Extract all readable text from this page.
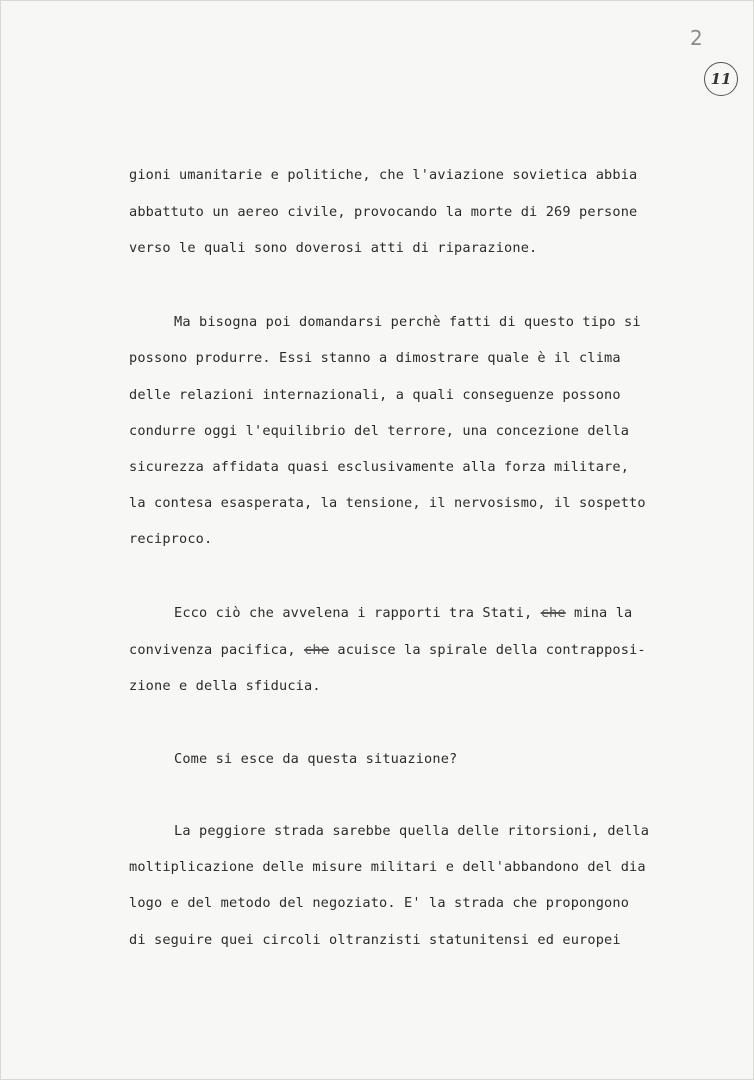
2
11
gioni umanitarie e politiche, che l'aviazione sovietica abbia
abbattuto un aereo civile, provocando la morte di 269 persone
verso le quali sono doverosi atti di riparazione.
Ma bisogna poi domandarsi perchè fatti di questo tipo si
possono produrre. Essi stanno a dimostrare quale è il clima
delle relazioni internazionali, a quali conseguenze possono
condurre oggi l'equilibrio del terrore, una concezione della
sicurezza affidata quasi esclusivamente alla forza militare,
la contesa esasperata, la tensione, il nervosismo, il sospetto
reciproco.
Ecco ciò che avvelena i rapporti tra Stati, che mina la
convivenza pacifica, che acuisce la spirale della contrapposi-
zione e della sfiducia.
Come si esce da questa situazione?
La peggiore strada sarebbe quella delle ritorsioni, della
moltiplicazione delle misure militari e dell'abbandono del dia
logo e del metodo del negoziato. E' la strada che propongono
di seguire quei circoli oltranzisti statunitensi ed europei
